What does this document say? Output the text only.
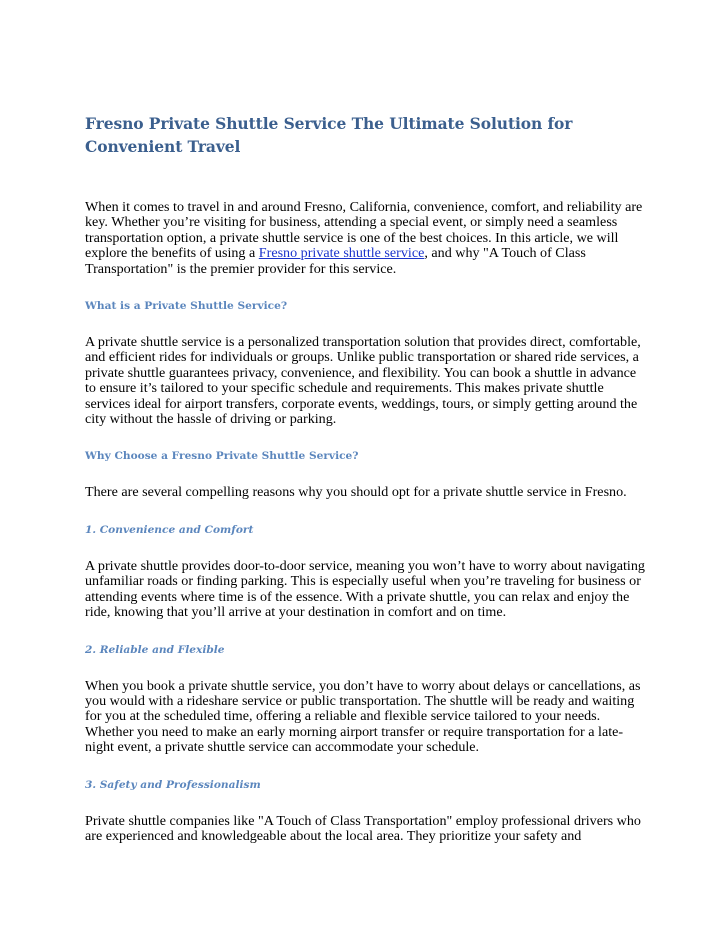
Fresno Private Shuttle Service The Ultimate Solution for Convenient Travel

When it comes to travel in and around Fresno, California, convenience, comfort, and reliability are key. Whether you’re visiting for business, attending a special event, or simply need a seamless transportation option, a private shuttle service is one of the best choices. In this article, we will explore the benefits of using a Fresno private shuttle service, and why "A Touch of Class Transportation" is the premier provider for this service.

What is a Private Shuttle Service?

A private shuttle service is a personalized transportation solution that provides direct, comfortable, and efficient rides for individuals or groups. Unlike public transportation or shared ride services, a private shuttle guarantees privacy, convenience, and flexibility. You can book a shuttle in advance to ensure it’s tailored to your specific schedule and requirements. This makes private shuttle services ideal for airport transfers, corporate events, weddings, tours, or simply getting around the city without the hassle of driving or parking.

Why Choose a Fresno Private Shuttle Service?

There are several compelling reasons why you should opt for a private shuttle service in Fresno.

1. Convenience and Comfort

A private shuttle provides door-to-door service, meaning you won’t have to worry about navigating unfamiliar roads or finding parking. This is especially useful when you’re traveling for business or attending events where time is of the essence. With a private shuttle, you can relax and enjoy the ride, knowing that you’ll arrive at your destination in comfort and on time.

2. Reliable and Flexible

When you book a private shuttle service, you don’t have to worry about delays or cancellations, as you would with a rideshare service or public transportation. The shuttle will be ready and waiting for you at the scheduled time, offering a reliable and flexible service tailored to your needs. Whether you need to make an early morning airport transfer or require transportation for a late-night event, a private shuttle service can accommodate your schedule.

3. Safety and Professionalism

Private shuttle companies like "A Touch of Class Transportation" employ professional drivers who are experienced and knowledgeable about the local area. They prioritize your safety and
